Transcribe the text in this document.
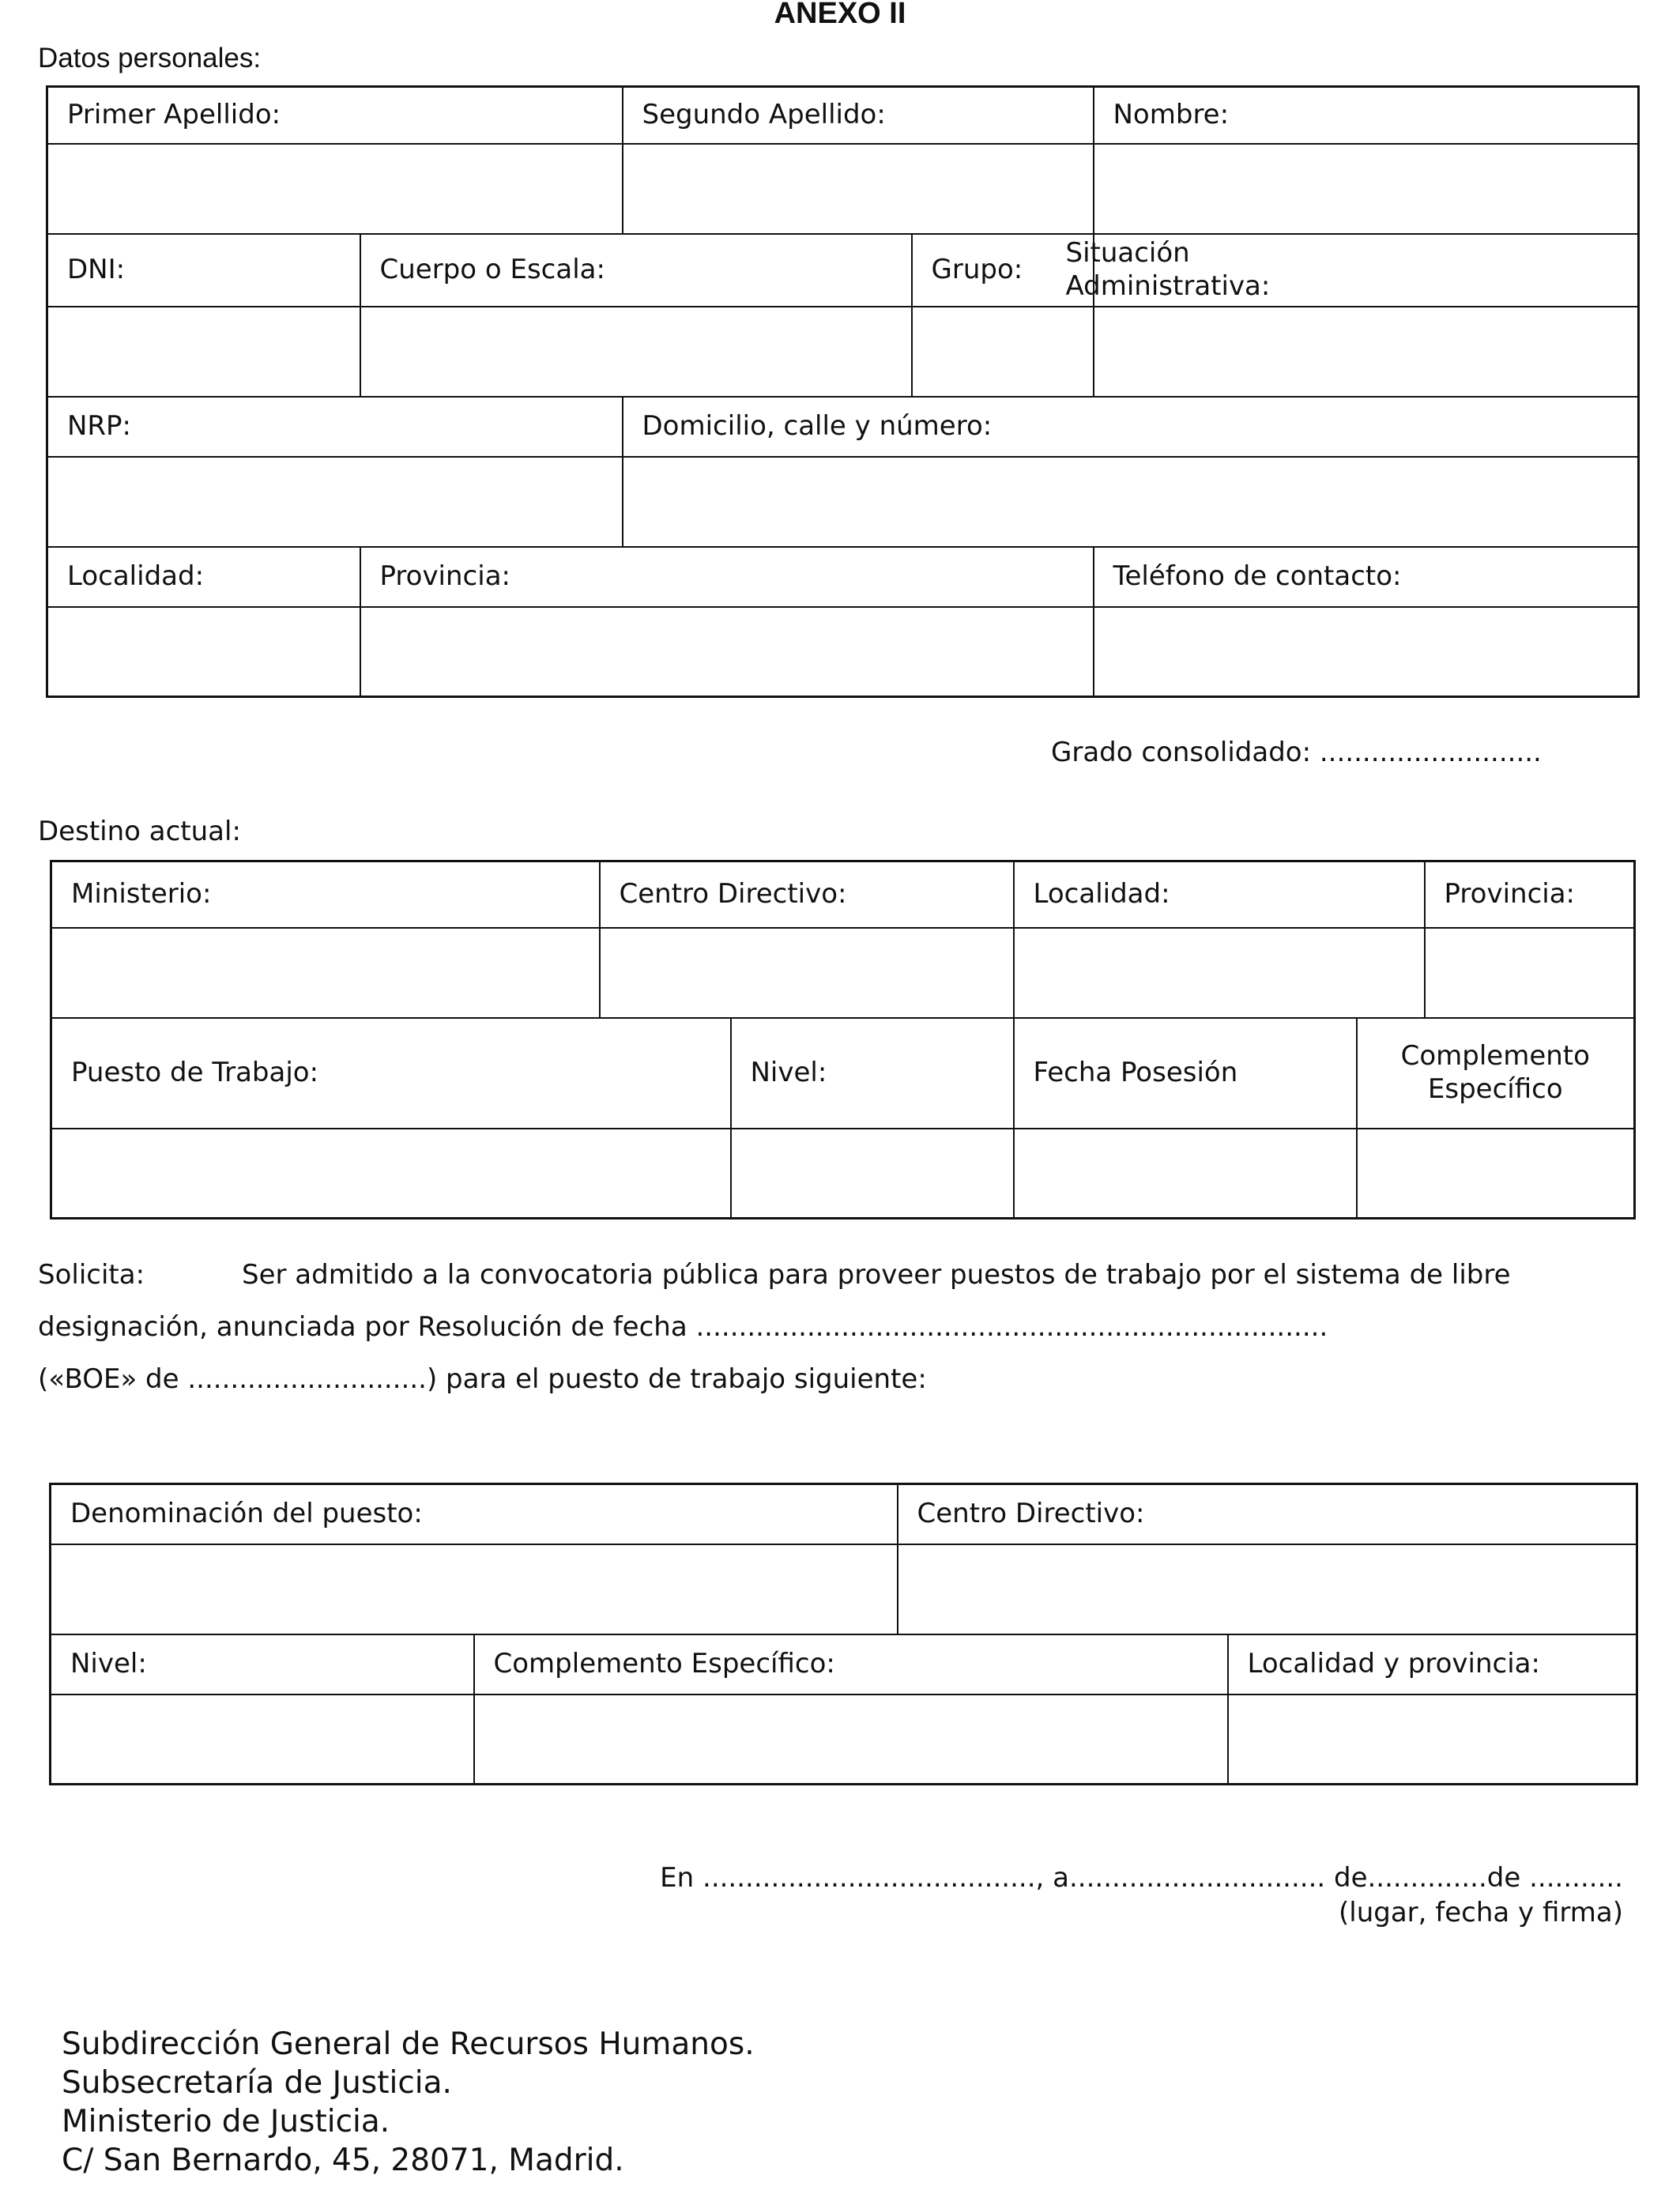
ANEXO II
Datos personales:
Primer Apellido:		Segundo Apellido:		Nombre:

DNI:	Cuerpo o Escala:		Grupo:	Situación
Administrativa:

NRP:		Domicilio, calle y número:		

Localidad:	Provincia:			Teléfono de contacto:

Grado consolidado: ..........................
Destino actual:
Ministerio:	Centro Directivo:		Localidad:		Provincia:

Puesto de Trabajo:		Nivel:	Fecha Posesión	Complemento
Específico	

Solicita:	Ser admitido a la convocatoria pública para proveer puestos de trabajo por el sistema de libre
designación, anunciada por Resolución de fecha ..........................................................................
(«BOE» de ............................) para el puesto de trabajo siguiente:
Denominación del puesto:		Centro Directivo:	

Nivel:	Complemento Específico:		Localidad y provincia:

En ......................................., a.............................. de..............de ...........
(lugar, fecha y firma)
Subdirección General de Recursos Humanos.
Subsecretaría de Justicia.
Ministerio de Justicia.
C/ San Bernardo, 45, 28071, Madrid.
